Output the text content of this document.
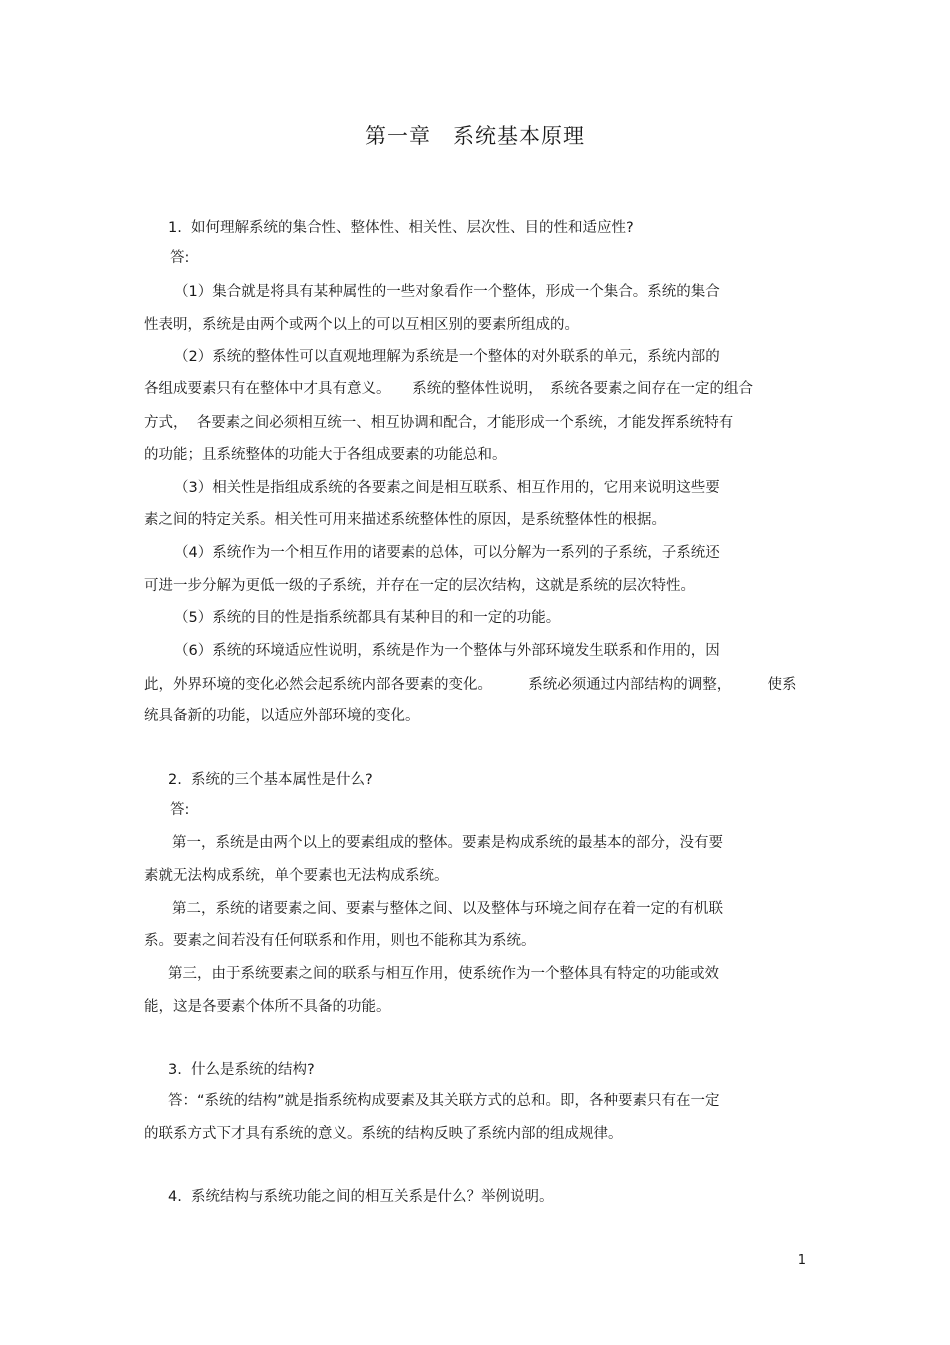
第一章　系统基本原理
1.  如何理解系统的集合性、整体性、相关性、层次性、目的性和适应性?
答:
（1）集合就是将具有某种属性的一些对象看作一个整体，形成一个集合。系统的集合
性表明，系统是由两个或两个以上的可以互相区别的要素所组成的。
（2）系统的整体性可以直观地理解为系统是一个整体的对外联系的单元，系统内部的
各组成要素只有在整体中才具有意义。　　系统的整体性说明，　系统各要素之间存在一定的组合
方式，  各要素之间必须相互统一、相互协调和配合，才能形成一个系统，才能发挥系统特有
的功能；且系统整体的功能大于各组成要素的功能总和。
（3）相关性是指组成系统的各要素之间是相互联系、相互作用的，它用来说明这些要
素之间的特定关系。相关性可用来描述系统整体性的原因，是系统整体性的根据。
（4）系统作为一个相互作用的诸要素的总体，可以分解为一系列的子系统，子系统还
可进一步分解为更低一级的子系统，并存在一定的层次结构，这就是系统的层次特性。
（5）系统的目的性是指系统都具有某种目的和一定的功能。
（6）系统的环境适应性说明，系统是作为一个整体与外部环境发生联系和作用的，因
此，外界环境的变化必然会起系统内部各要素的变化。　　　系统必须通过内部结构的调整，　　　使系
统具备新的功能，以适应外部环境的变化。
2.  系统的三个基本属性是什么?
答:
第一，系统是由两个以上的要素组成的整体。要素是构成系统的最基本的部分，没有要
素就无法构成系统，单个要素也无法构成系统。
第二，系统的诸要素之间、要素与整体之间、以及整体与环境之间存在着一定的有机联
系。要素之间若没有任何联系和作用，则也不能称其为系统。
第三，由于系统要素之间的联系与相互作用，使系统作为一个整体具有特定的功能或效
能，这是各要素个体所不具备的功能。
3.  什么是系统的结构?
答：“系统的结构”就是指系统构成要素及其关联方式的总和。即，各种要素只有在一定
的联系方式下才具有系统的意义。系统的结构反映了系统内部的组成规律。
4.  系统结构与系统功能之间的相互关系是什么？举例说明。
1
